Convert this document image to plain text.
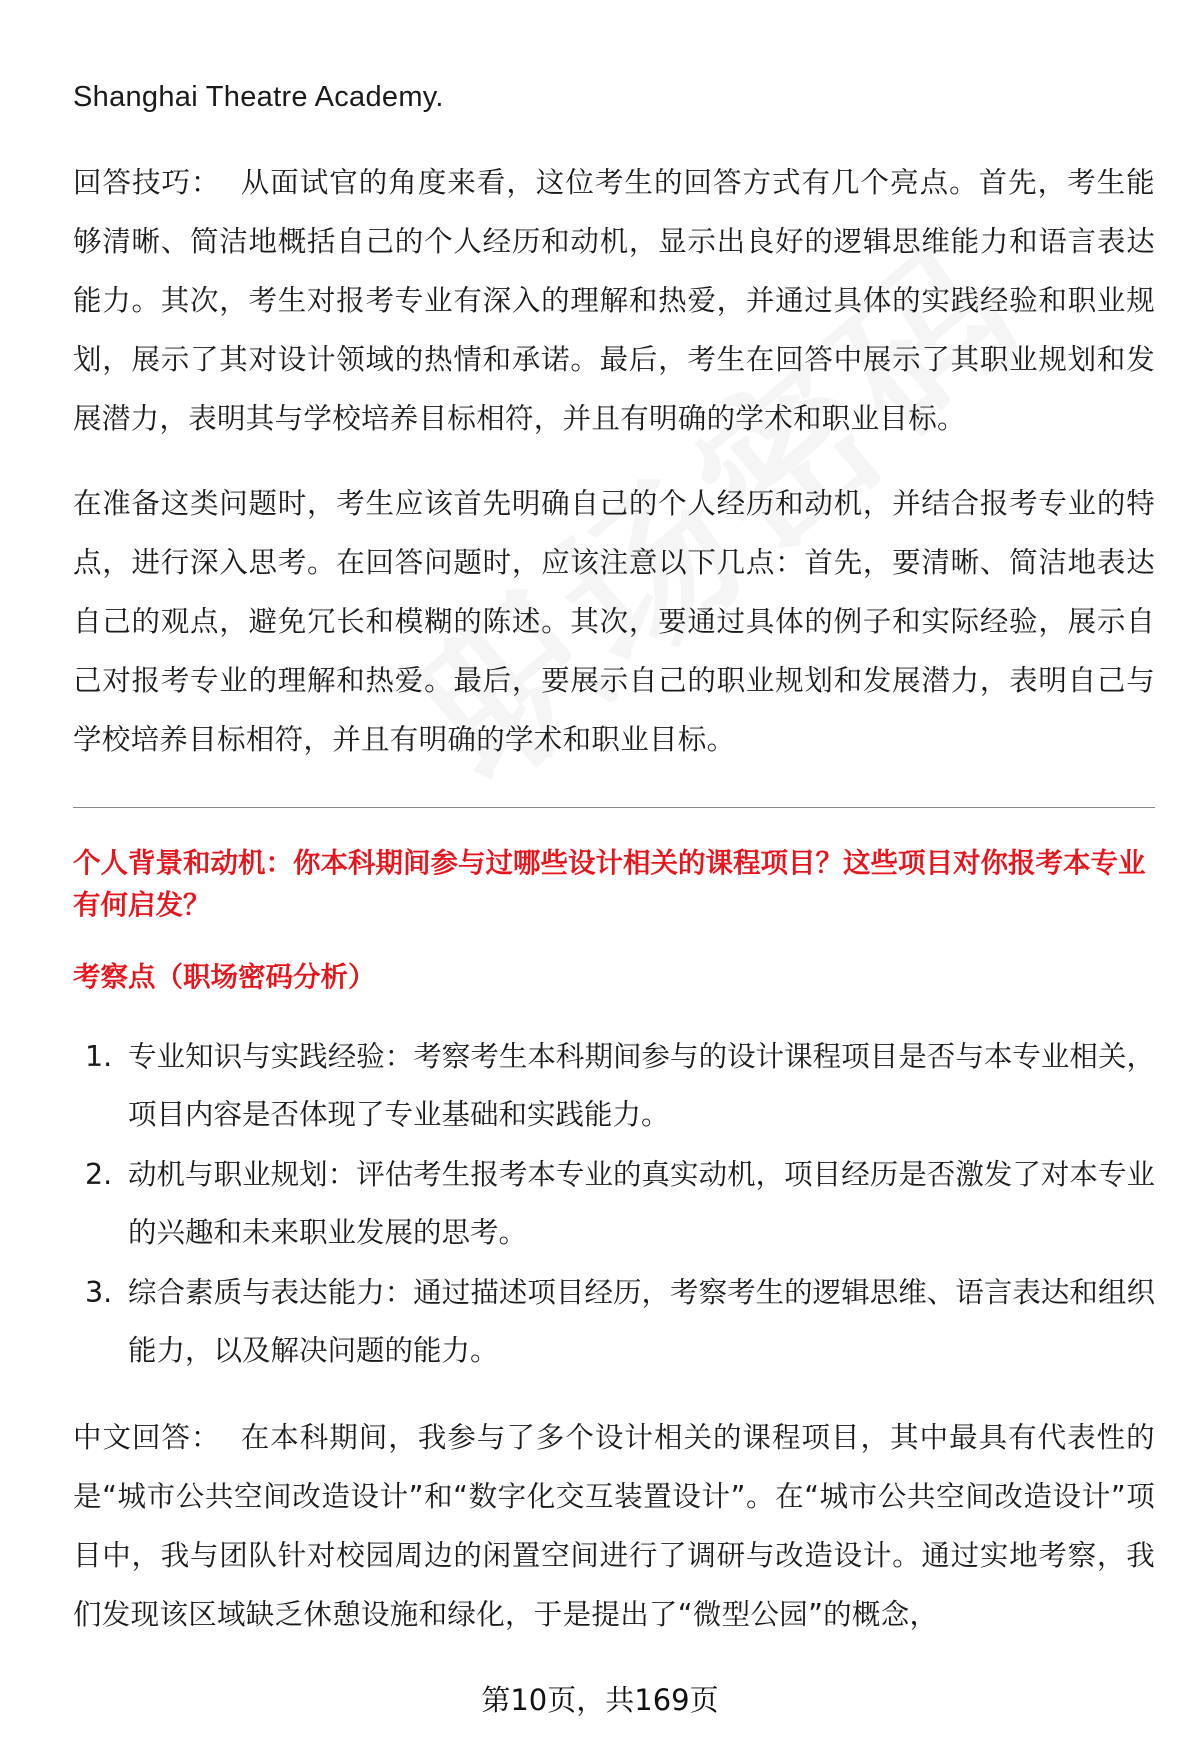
Shanghai Theatre Academy.

回答技巧： 从面试官的角度来看，这位考生的回答方式有几个亮点。首先，考生能够清晰、简洁地概括自己的个人经历和动机，显示出良好的逻辑思维能力和语言表达能力。其次，考生对报考专业有深入的理解和热爱，并通过具体的实践经验和职业规划，展示了其对设计领域的热情和承诺。最后，考生在回答中展示了其职业规划和发展潜力，表明其与学校培养目标相符，并且有明确的学术和职业目标。

在准备这类问题时，考生应该首先明确自己的个人经历和动机，并结合报考专业的特点，进行深入思考。在回答问题时，应该注意以下几点：首先，要清晰、简洁地表达自己的观点，避免冗长和模糊的陈述。其次，要通过具体的例子和实际经验，展示自己对报考专业的理解和热爱。最后，要展示自己的职业规划和发展潜力，表明自己与学校培养目标相符，并且有明确的学术和职业目标。

个人背景和动机：你本科期间参与过哪些设计相关的课程项目？这些项目对你报考本专业有何启发？

考察点（职场密码分析）

1. 专业知识与实践经验：考察考生本科期间参与的设计课程项目是否与本专业相关，项目内容是否体现了专业基础和实践能力。
2. 动机与职业规划：评估考生报考本专业的真实动机，项目经历是否激发了对本专业的兴趣和未来职业发展的思考。
3. 综合素质与表达能力：通过描述项目经历，考察考生的逻辑思维、语言表达和组织能力，以及解决问题的能力。

中文回答： 在本科期间，我参与了多个设计相关的课程项目，其中最具有代表性的是“城市公共空间改造设计”和“数字化交互装置设计”。在“城市公共空间改造设计”项目中，我与团队针对校园周边的闲置空间进行了调研与改造设计。通过实地考察，我们发现该区域缺乏休憩设施和绿化，于是提出了“微型公园”的概念，

第10页，共169页
